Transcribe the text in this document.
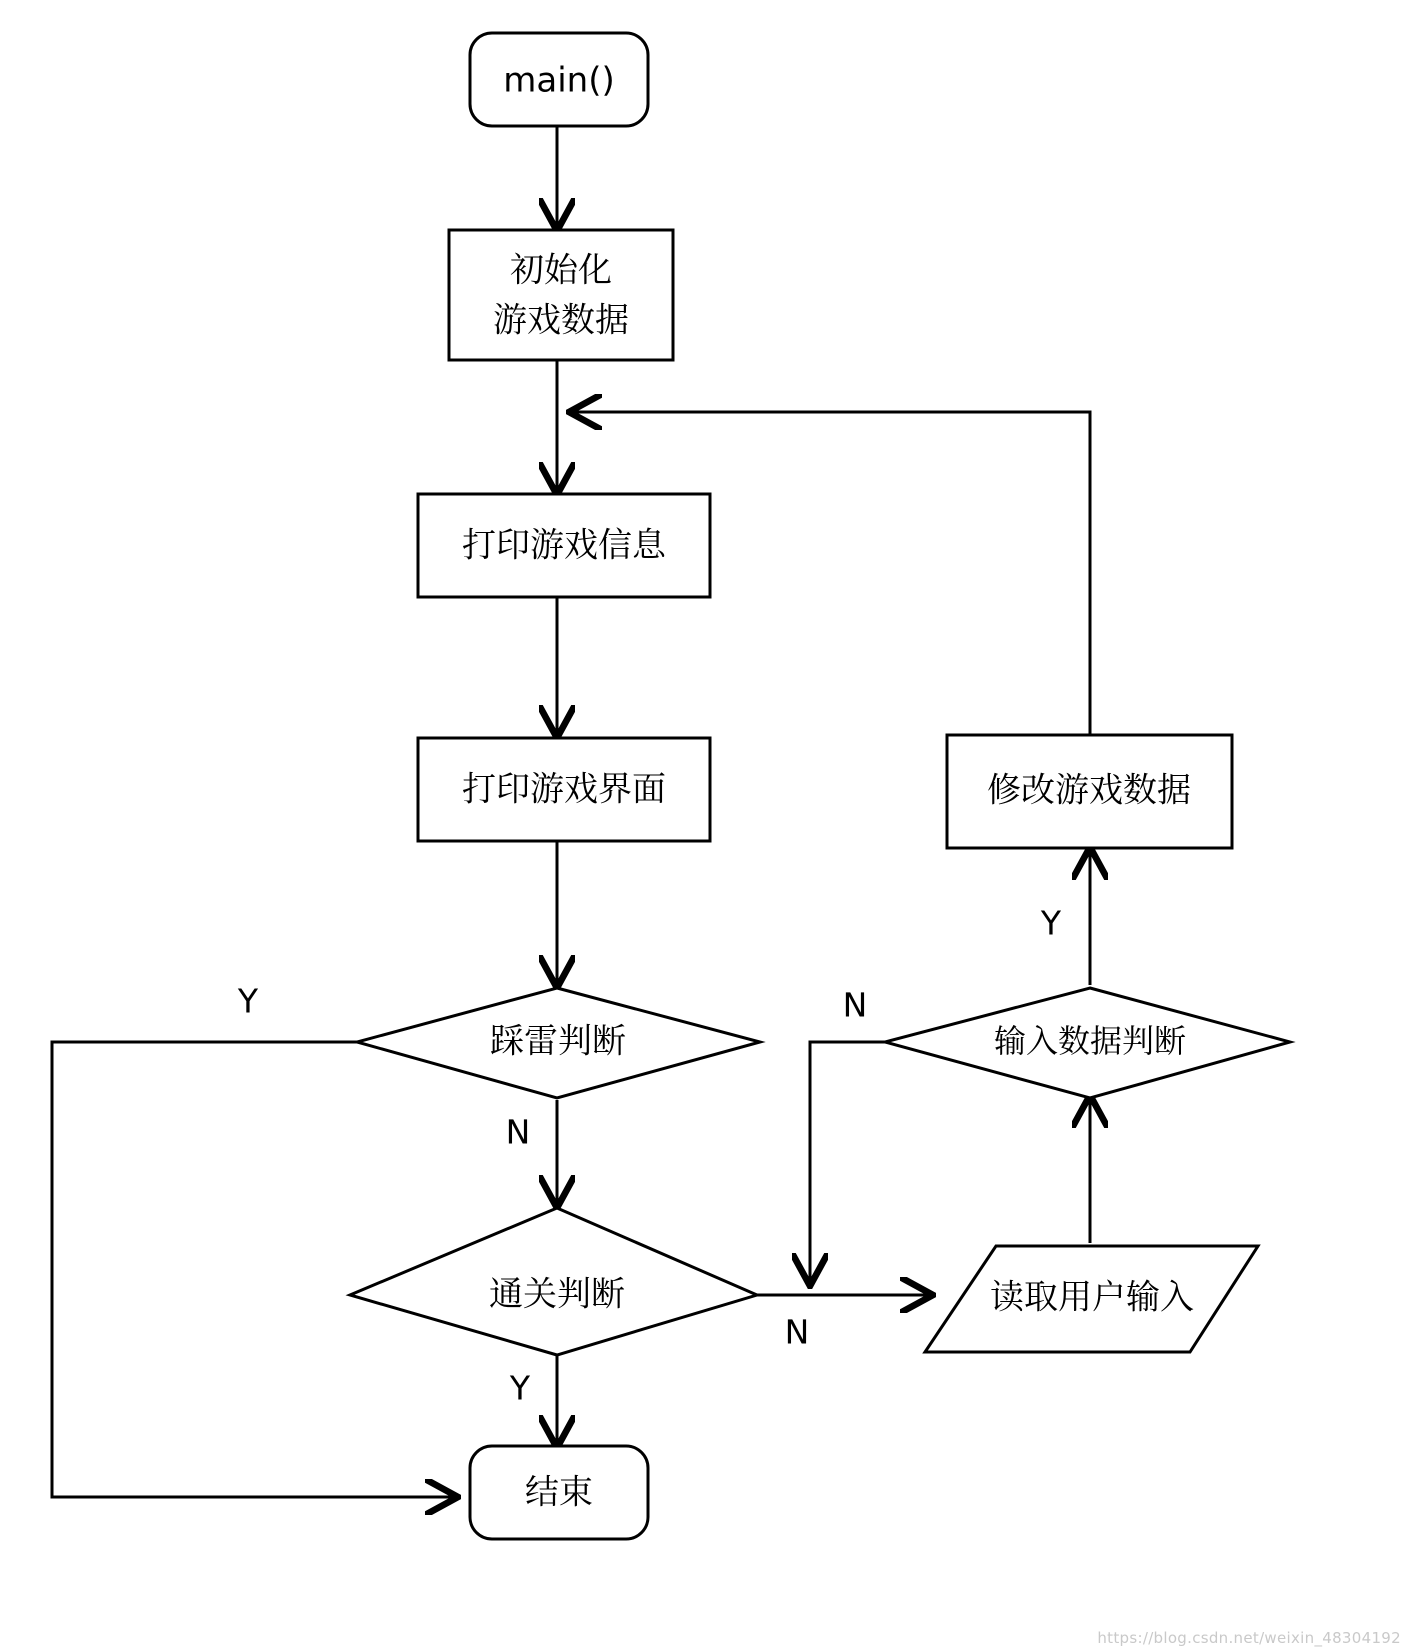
main()
初始化
游戏数据
打印游戏信息
打印游戏界面
踩雷判断
通关判断	读取用户输入
输入数据判断
修改游戏数据
结束
Y
N
Y
N
Y
N
https://blog.csdn.net/weixin_48304192
